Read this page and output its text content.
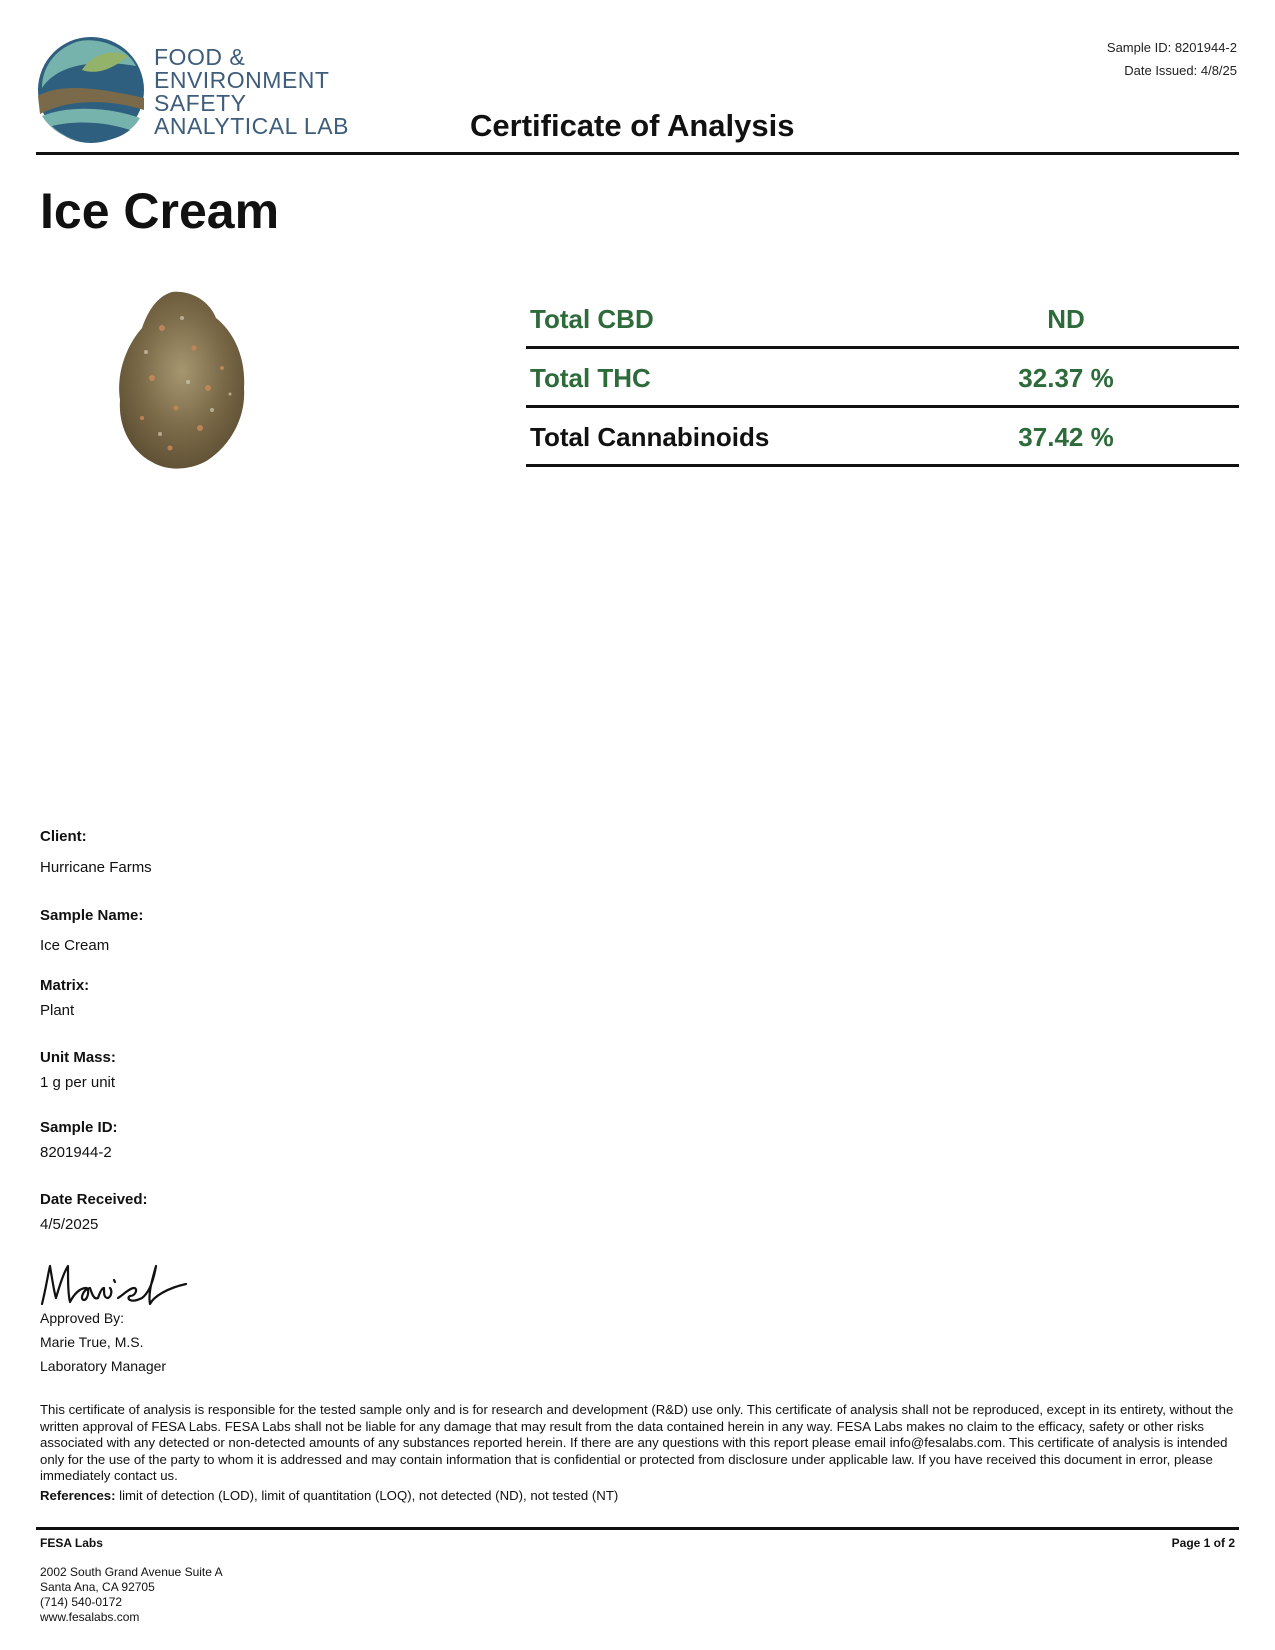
FOOD &
ENVIRONMENT
SAFETY
ANALYTICAL LAB	Certificate of Analysis
Sample ID: 8201944-2
Date Issued: 4/8/25
Ice Cream
Total CBD	ND
Total THC	32.37 %
Total Cannabinoids	37.42 %
Client:
Hurricane Farms
Sample Name:
Ice Cream
Matrix:
Plant
Unit Mass:
1 g per unit
Sample ID:
8201944-2
Date Received:
4/5/2025
Approved By:
Marie True, M.S.
Laboratory Manager
This certificate of analysis is responsible for the tested sample only and is for research and development (R&D) use only. This certificate of analysis shall not be reproduced, except in its entirety, without the written approval of FESA Labs. FESA Labs shall not be liable for any damage that may result from the data contained herein in any way. FESA Labs makes no claim to the efficacy, safety or other risks associated with any detected or non-detected amounts of any substances reported herein. If there are any questions with this report please email info@fesalabs.com. This certificate of analysis is intended only for the use of the party to whom it is addressed and may contain information that is confidential or protected from disclosure under applicable law. If you have received this document in error, please immediately contact us.
References: limit of detection (LOD), limit of quantitation (LOQ), not detected (ND), not tested (NT)
FESA Labs	Page 1 of 2
2002 South Grand Avenue Suite A
Santa Ana, CA 92705
(714) 540-0172
www.fesalabs.com
